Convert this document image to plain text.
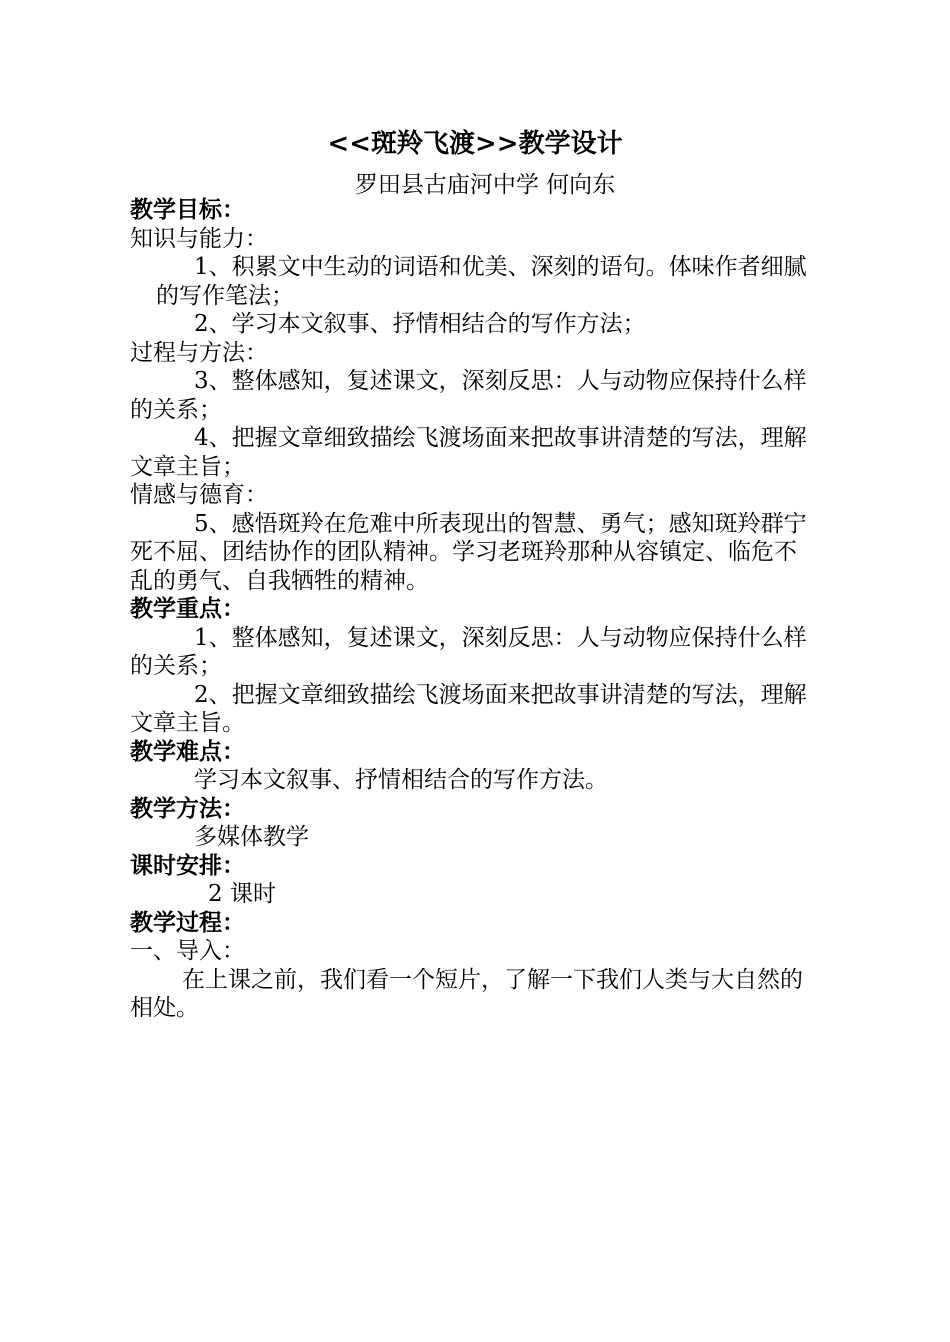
<<斑羚飞渡>>教学设计

罗田县古庙河中学 何向东

教学目标：

知识与能力：

1、积累文中生动的词语和优美、深刻的语句。体味作者细腻

的写作笔法；

2、学习本文叙事、抒情相结合的写作方法；

过程与方法：

3、整体感知，复述课文，深刻反思：人与动物应保持什么样

的关系；

4、把握文章细致描绘飞渡场面来把故事讲清楚的写法，理解

文章主旨；

情感与德育：

5、感悟斑羚在危难中所表现出的智慧、勇气；感知斑羚群宁

死不屈、团结协作的团队精神。学习老斑羚那种从容镇定、临危不

乱的勇气、自我牺牲的精神。

教学重点：

1、整体感知，复述课文，深刻反思：人与动物应保持什么样

的关系；

2、把握文章细致描绘飞渡场面来把故事讲清楚的写法，理解

文章主旨。

教学难点：

学习本文叙事、抒情相结合的写作方法。

教学方法：

多媒体教学

课时安排：

2 课时

教学过程：

一、导入：

在上课之前，我们看一个短片，了解一下我们人类与大自然的

相处。
